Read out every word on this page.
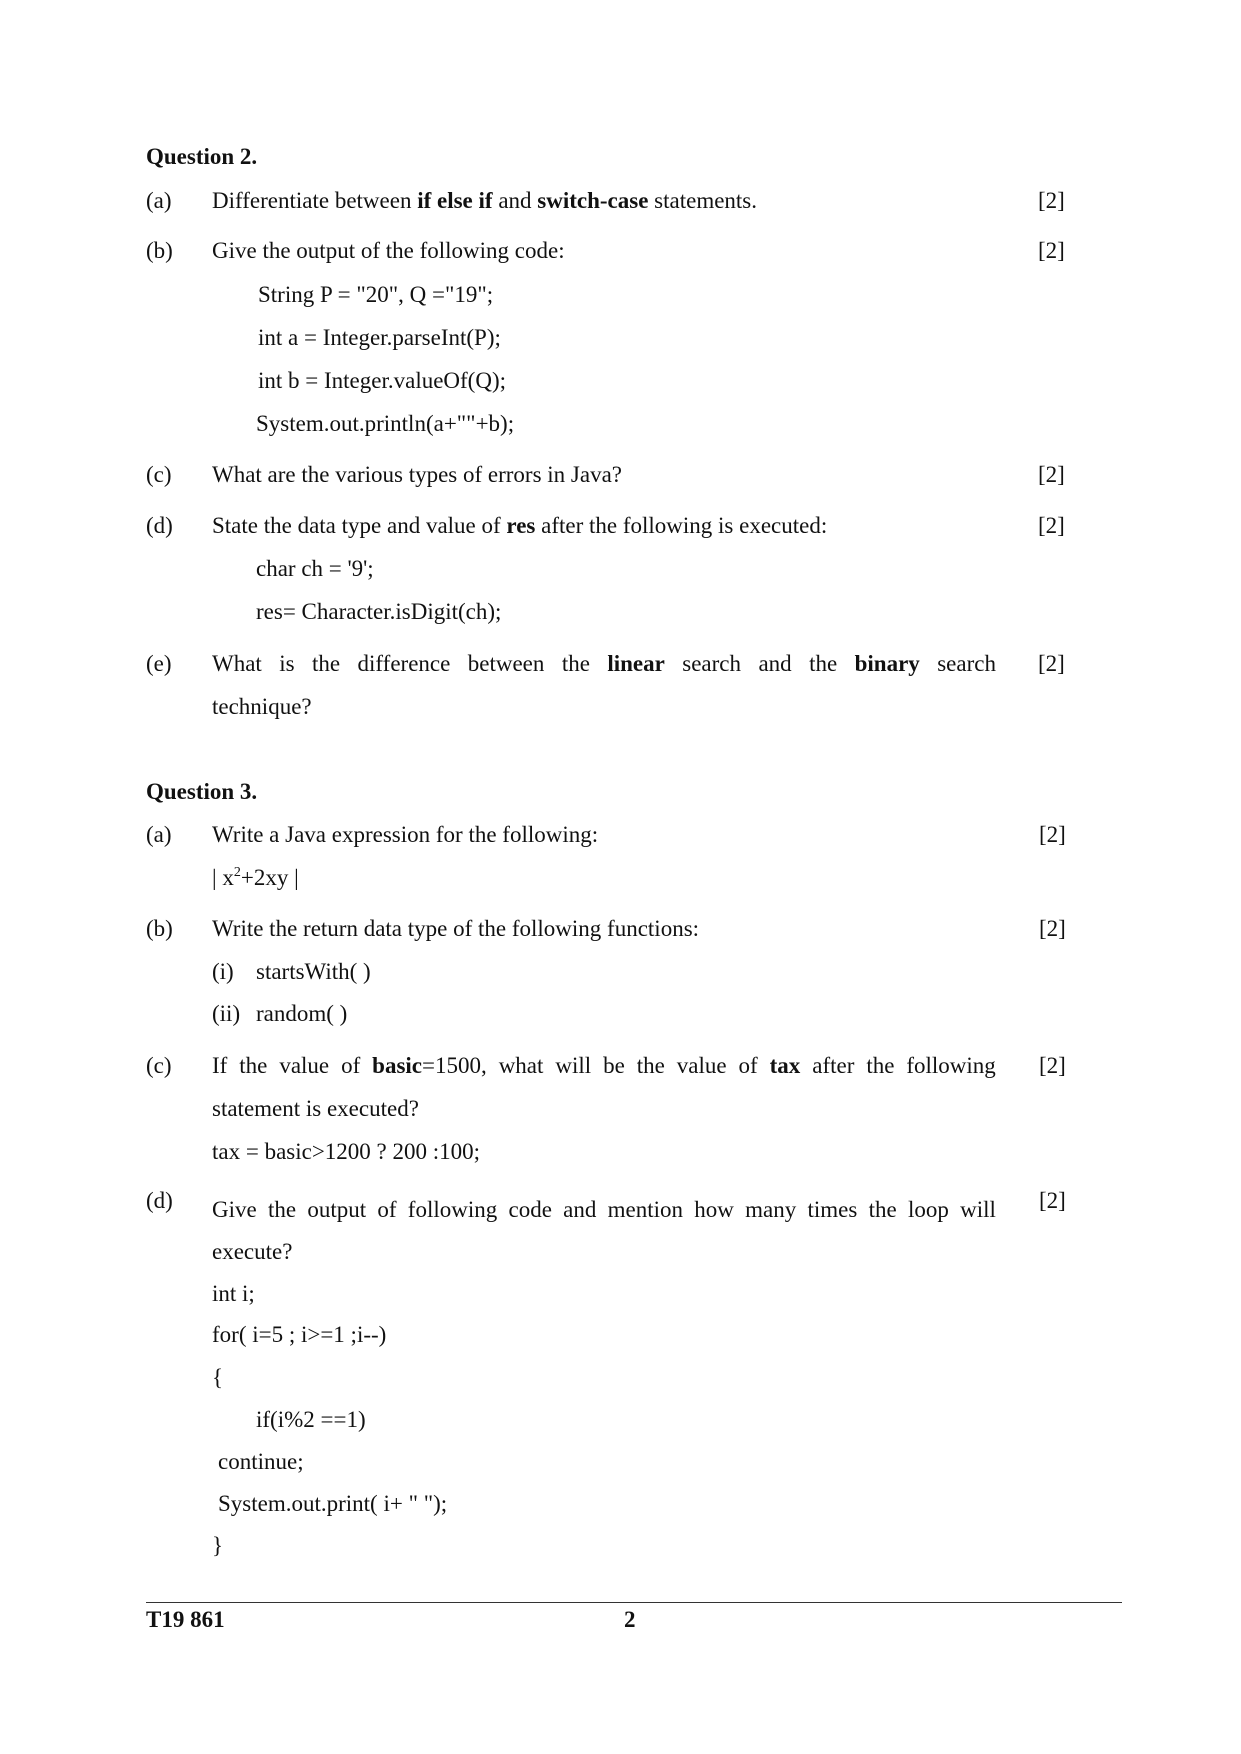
Question 2.
(a) Differentiate between if else if and switch-case statements.	[2]
(b) Give the output of the following code:	[2]
String P = "20", Q ="19";
int a = Integer.parseInt(P);
int b = Integer.valueOf(Q);
System.out.println(a+""+b);
(c) What are the various types of errors in Java?	[2]
(d) State the data type and value of res after the following is executed:	[2]
char ch = '9';
res= Character.isDigit(ch);
(e) What is the difference between the linear search and the binary search [2]
technique?
Question 3.
(a) Write a Java expression for the following:	[2]
| $x^2+2xy$ |
(b) Write the return data type of the following functions:	[2]
(i) startsWith( )
(ii) random( )
(c) If the value of basic=1500, what will be the value of tax after the following [2]
statement is executed?
tax = basic>1200 ? 200 :100;
(d) Give the output of following code and mention how many times the loop will [2]
execute?
int i;
for( i=5 ; i>=1 ;i--)
{
if(i%2 ==1)
continue;
System.out.print( i+ " ");
}
T19 861	2
